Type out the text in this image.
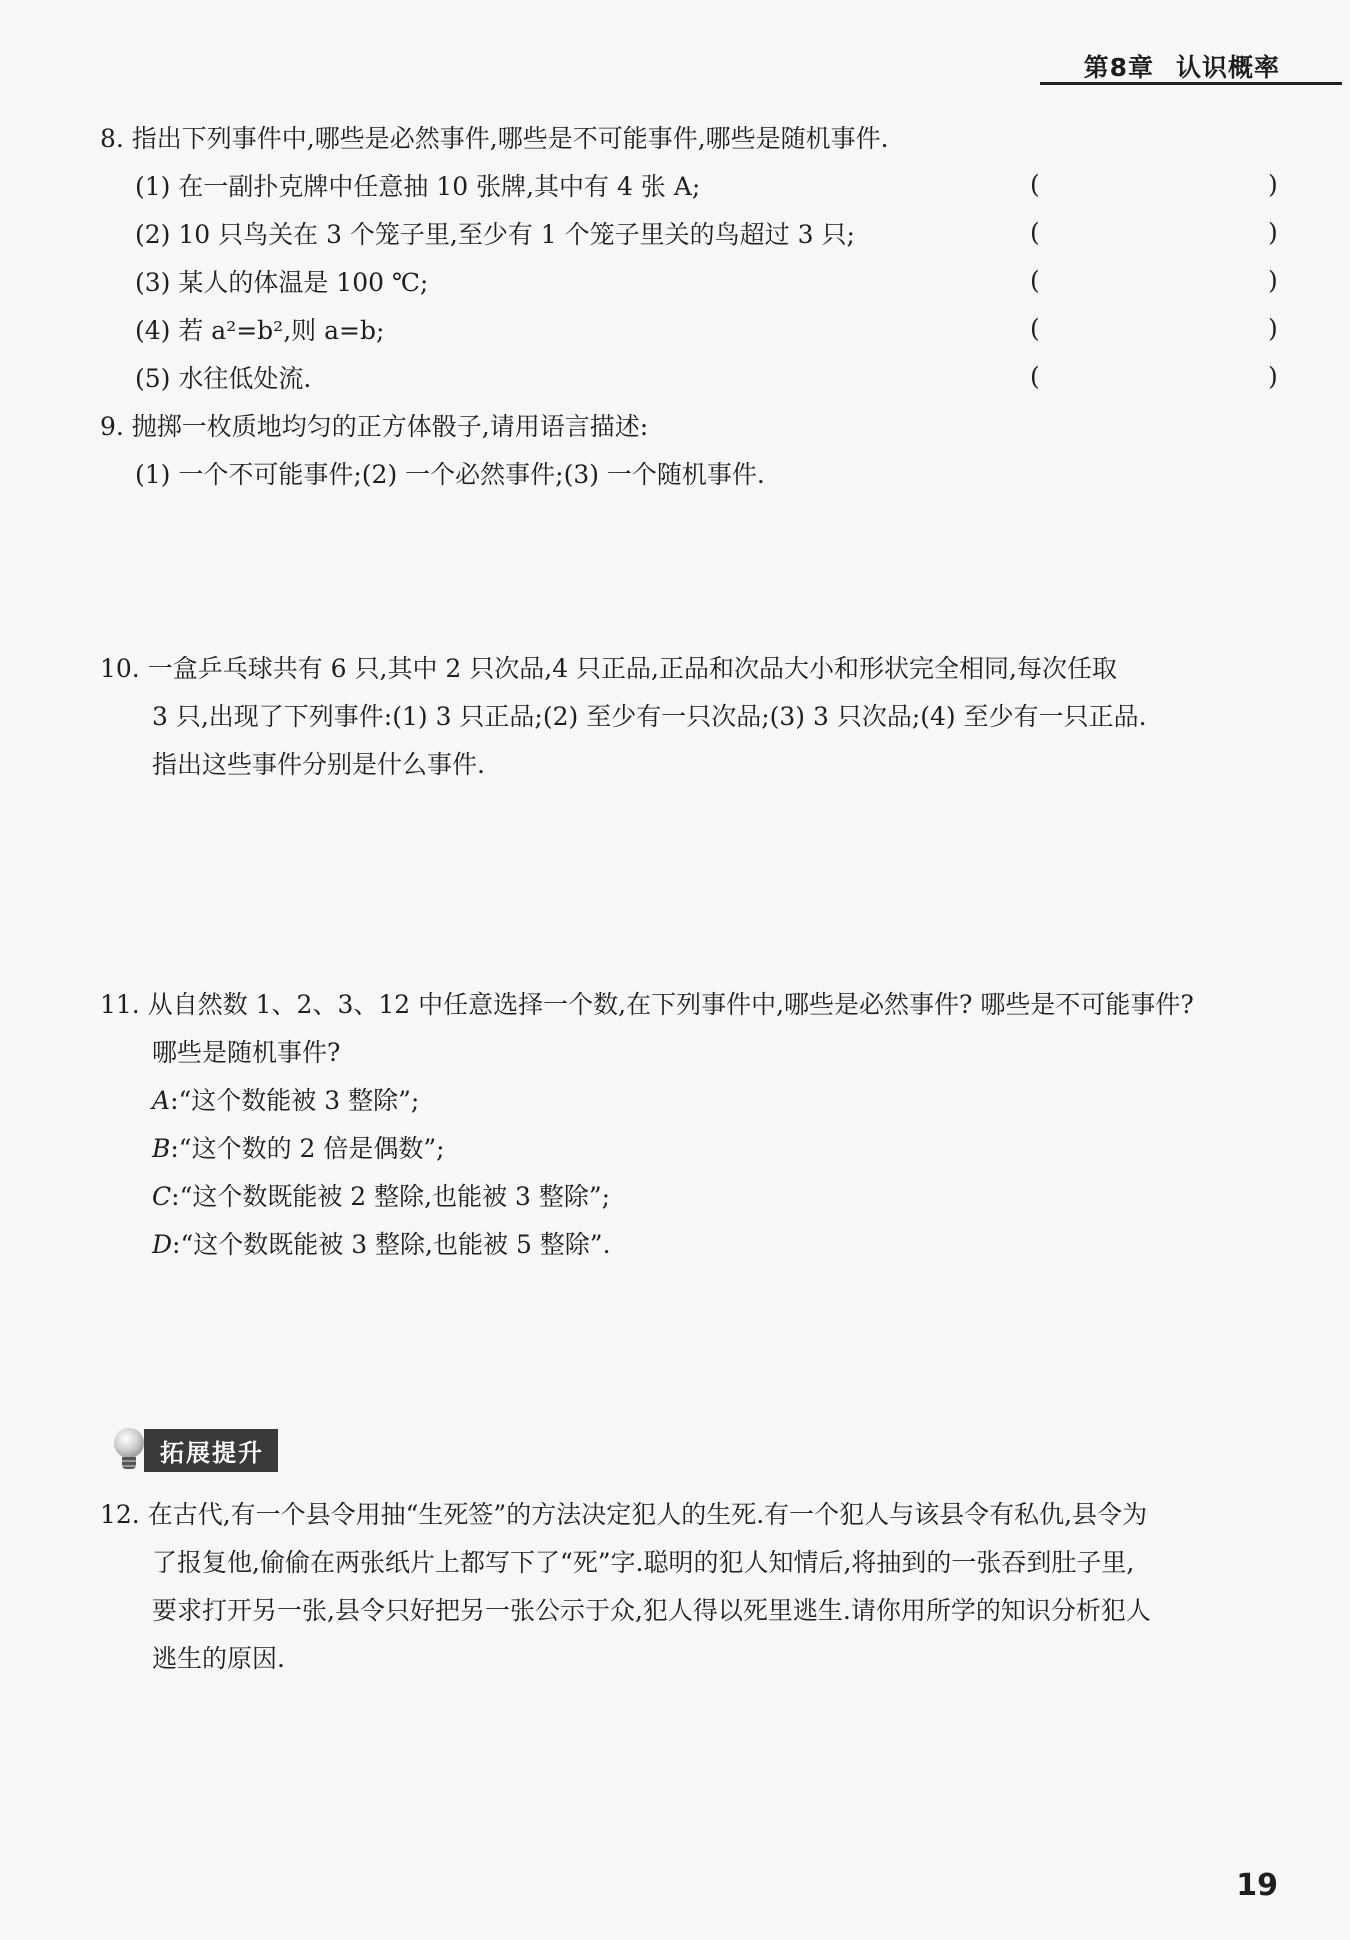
第8章 认识概率
8. 指出下列事件中,哪些是必然事件,哪些是不可能事件,哪些是随机事件.
(1) 在一副扑克牌中任意抽 10 张牌,其中有 4 张 A;	(	)
(2) 10 只鸟关在 3 个笼子里,至少有 1 个笼子里关的鸟超过 3 只;	(	)
(3) 某人的体温是 100 ℃;	(	)
(4) 若 a²=b²,则 a=b;	(	)
(5) 水往低处流.	(	)
9. 抛掷一枚质地均匀的正方体骰子,请用语言描述:
(1) 一个不可能事件;(2) 一个必然事件;(3) 一个随机事件.
10. 一盒乒乓球共有 6 只,其中 2 只次品,4 只正品,正品和次品大小和形状完全相同,每次任取
3 只,出现了下列事件:(1) 3 只正品;(2) 至少有一只次品;(3) 3 只次品;(4) 至少有一只正品.
指出这些事件分别是什么事件.
11. 从自然数 1、2、3、12 中任意选择一个数,在下列事件中,哪些是必然事件? 哪些是不可能事件?
哪些是随机事件?
A:“这个数能被 3 整除”;
B:“这个数的 2 倍是偶数”;
C:“这个数既能被 2 整除,也能被 3 整除”;
D:“这个数既能被 3 整除,也能被 5 整除”.
拓展提升
12. 在古代,有一个县令用抽“生死签”的方法决定犯人的生死.有一个犯人与该县令有私仇,县令为
了报复他,偷偷在两张纸片上都写下了“死”字.聪明的犯人知情后,将抽到的一张吞到肚子里,
要求打开另一张,县令只好把另一张公示于众,犯人得以死里逃生.请你用所学的知识分析犯人
逃生的原因.
19
